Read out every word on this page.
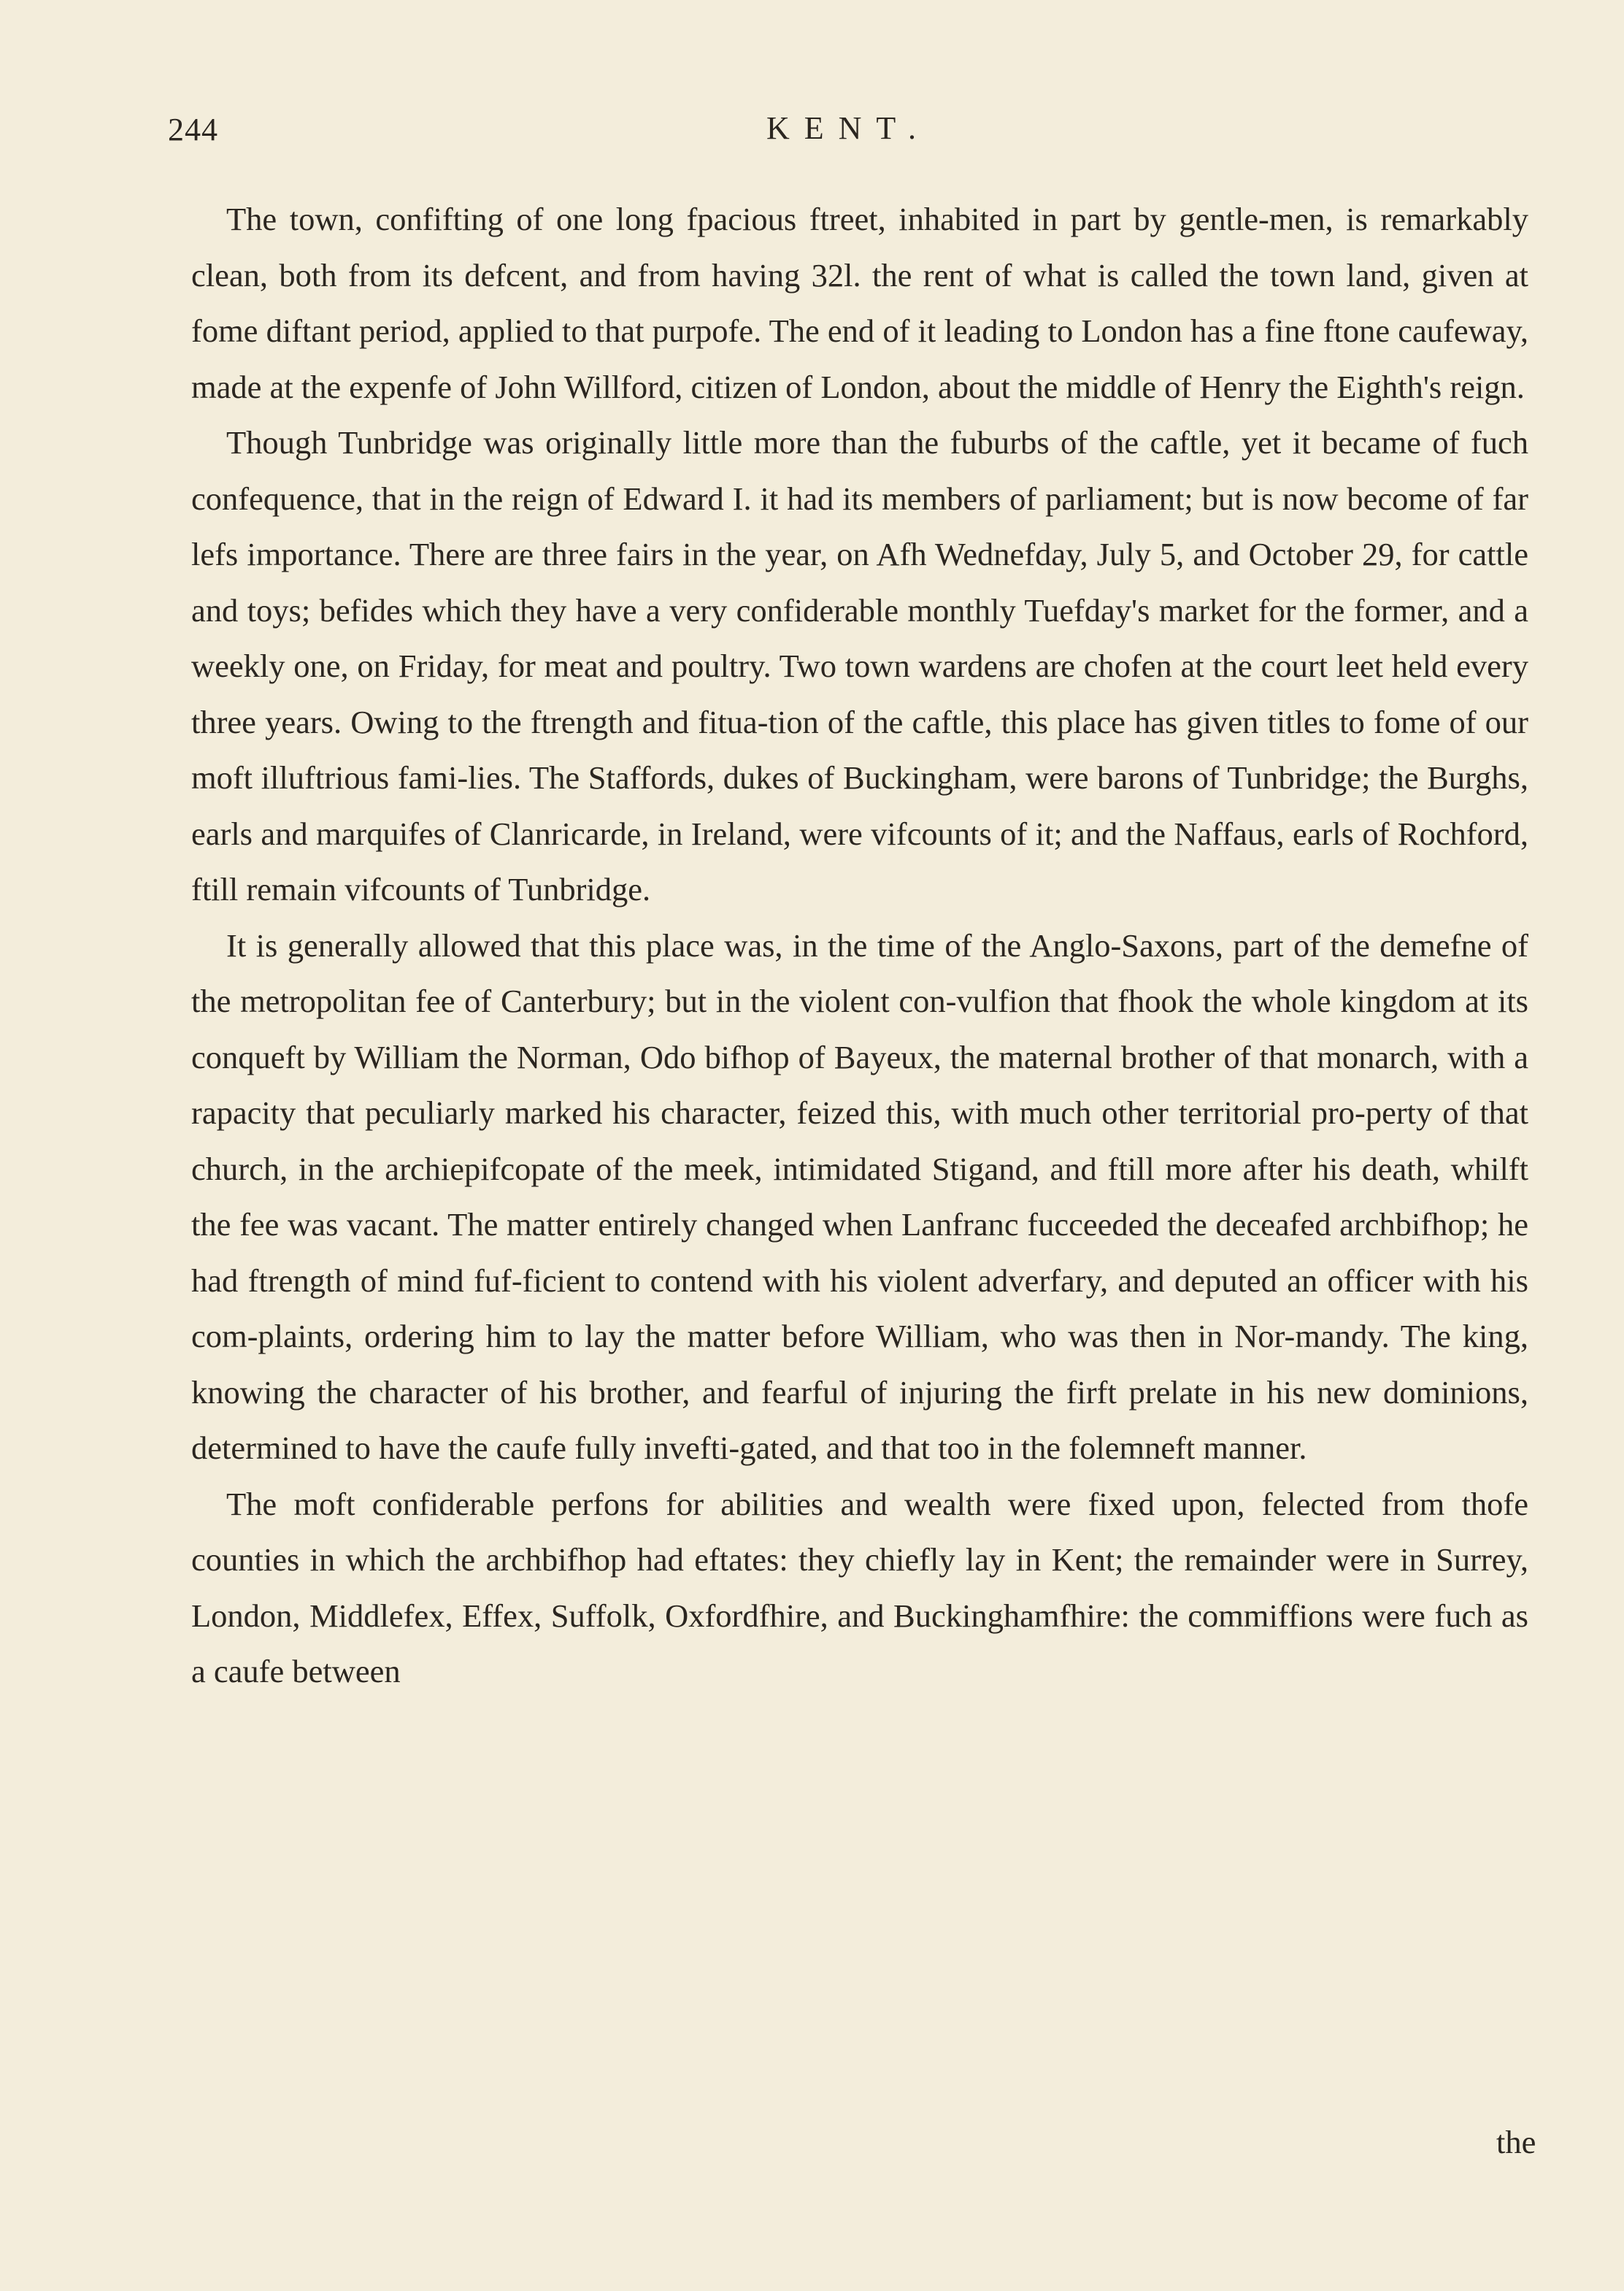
244	KENT.

The town, confifting of one long fpacious ftreet, inhabited in part by gentle-men, is remarkably clean, both from its defcent, and from having 32l. the rent of what is called the town land, given at fome diftant period, applied to that purpofe. The end of it leading to London has a fine ftone caufeway, made at the expenfe of John Willford, citizen of London, about the middle of Henry the Eighth's reign.

Though Tunbridge was originally little more than the fuburbs of the caftle, yet it became of fuch confequence, that in the reign of Edward I. it had its members of parliament; but is now become of far lefs importance. There are three fairs in the year, on Afh Wednefday, July 5, and October 29, for cattle and toys; befides which they have a very confiderable monthly Tuefday's market for the former, and a weekly one, on Friday, for meat and poultry. Two town wardens are chofen at the court leet held every three years. Owing to the ftrength and fitua-tion of the caftle, this place has given titles to fome of our moft illuftrious fami-lies. The Staffords, dukes of Buckingham, were barons of Tunbridge; the Burghs, earls and marquifes of Clanricarde, in Ireland, were vifcounts of it; and the Naffaus, earls of Rochford, ftill remain vifcounts of Tunbridge.

It is generally allowed that this place was, in the time of the Anglo-Saxons, part of the demefne of the metropolitan fee of Canterbury; but in the violent con-vulfion that fhook the whole kingdom at its conqueft by William the Norman, Odo bifhop of Bayeux, the maternal brother of that monarch, with a rapacity that peculiarly marked his character, feized this, with much other territorial pro-perty of that church, in the archiepifcopate of the meek, intimidated Stigand, and ftill more after his death, whilft the fee was vacant. The matter entirely changed when Lanfranc fucceeded the deceafed archbifhop; he had ftrength of mind fuf-ficient to contend with his violent adverfary, and deputed an officer with his com-plaints, ordering him to lay the matter before William, who was then in Nor-mandy. The king, knowing the character of his brother, and fearful of injuring the firft prelate in his new dominions, determined to have the caufe fully invefti-gated, and that too in the folemneft manner.

The moft confiderable perfons for abilities and wealth were fixed upon, felected from thofe counties in which the archbifhop had eftates: they chiefly lay in Kent; the remainder were in Surrey, London, Middlefex, Effex, Suffolk, Oxfordfhire, and Buckinghamfhire: the commiffions were fuch as a caufe between

the
